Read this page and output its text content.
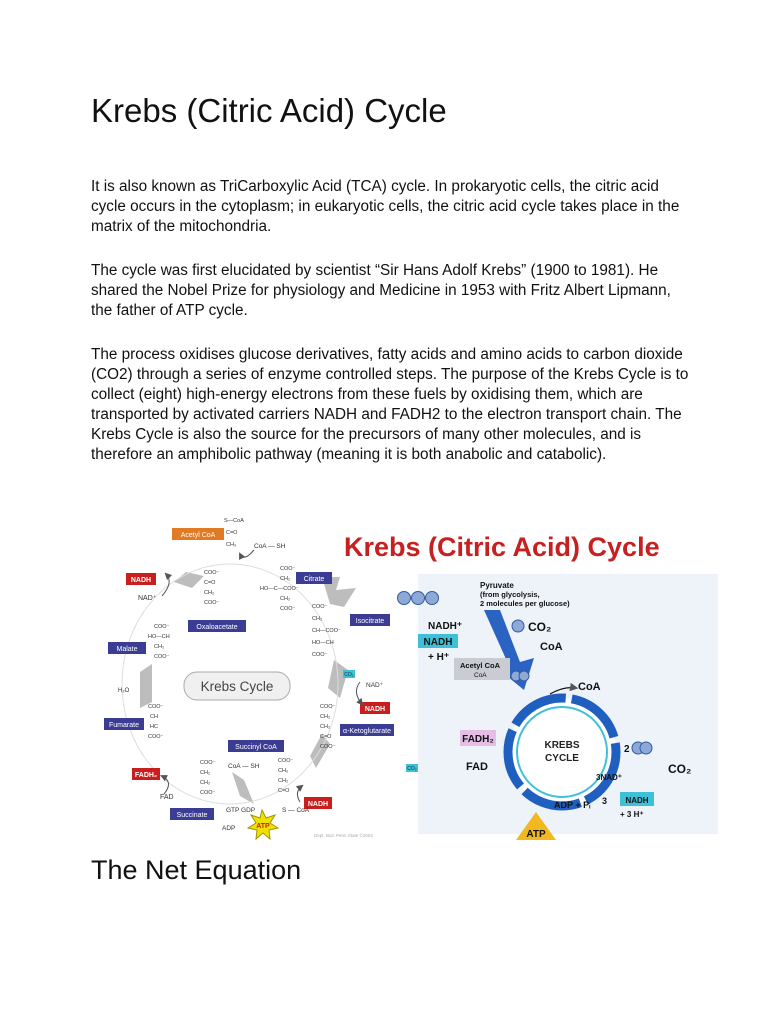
Krebs (Citric Acid) Cycle

It is also known as TriCarboxylic Acid (TCA) cycle. In prokaryotic cells, the citric acid cycle occurs in the cytoplasm; in eukaryotic cells, the citric acid cycle takes place in the matrix of the mitochondria.

The cycle was first elucidated by scientist “Sir Hans Adolf Krebs” (1900 to 1981). He shared the Nobel Prize for physiology and Medicine in 1953 with Fritz Albert Lipmann, the father of ATP cycle.

The process oxidises glucose derivatives, fatty acids and amino acids to carbon dioxide (CO2) through a series of enzyme controlled steps. The purpose of the Krebs Cycle is to collect (eight) high-energy electrons from these fuels by oxidising them, which are transported by activated carriers NADH and FADH2 to the electron transport chain. The Krebs Cycle is also the source for the precursors of many other molecules, and is therefore an amphibolic pathway (meaning it is both anabolic and catabolic).

Krebs Cycle
Acetyl CoA
Citrate
Oxaloacetate
Isocitrate
Malate
α-Ketoglutarate
Fumarate
Succinyl CoA
Succinate
NADH
NADH
NADH
FADH₂
NAD⁺
FAD
CoA — SH
CoA — SH
GTP GDP
ADP
H₂O
S — CoA
CO₂
CO₂
NAD⁺
S—CoA
C=O
CH₃
COO⁻
C=O
CH₂
COO⁻
COO⁻
CH₂
HO—C—COO⁻
CH₂
COO⁻	COO⁻
CH₂
CH—COO⁻
HO—CH
COO⁻
COO⁻
HO—CH
CH₂
COO⁻
COO⁻
CH₂
CH₂
C=O
COO⁻
COO⁻
CH
HC
COO⁻
COO⁻
CH₂
CH₂
COO⁻
COO⁻
CH₂
CH₂
C=O
ATP
Dept. Biol. Penn State ©2004
Krebs (Citric Acid) Cycle
Pyruvate
(from glycolysis,
2 molecules per glucose)
NADH⁺
NADH
+ H⁺
CO₂
CoA
Acetyl CoA
CoA
CoA
KREBS
CYCLE
FADH₂
FAD
2
CO₂
3NAD⁺
3 NADH
+ 3 H⁺
ADP + Pᵢ
ATP
The Net Equation
